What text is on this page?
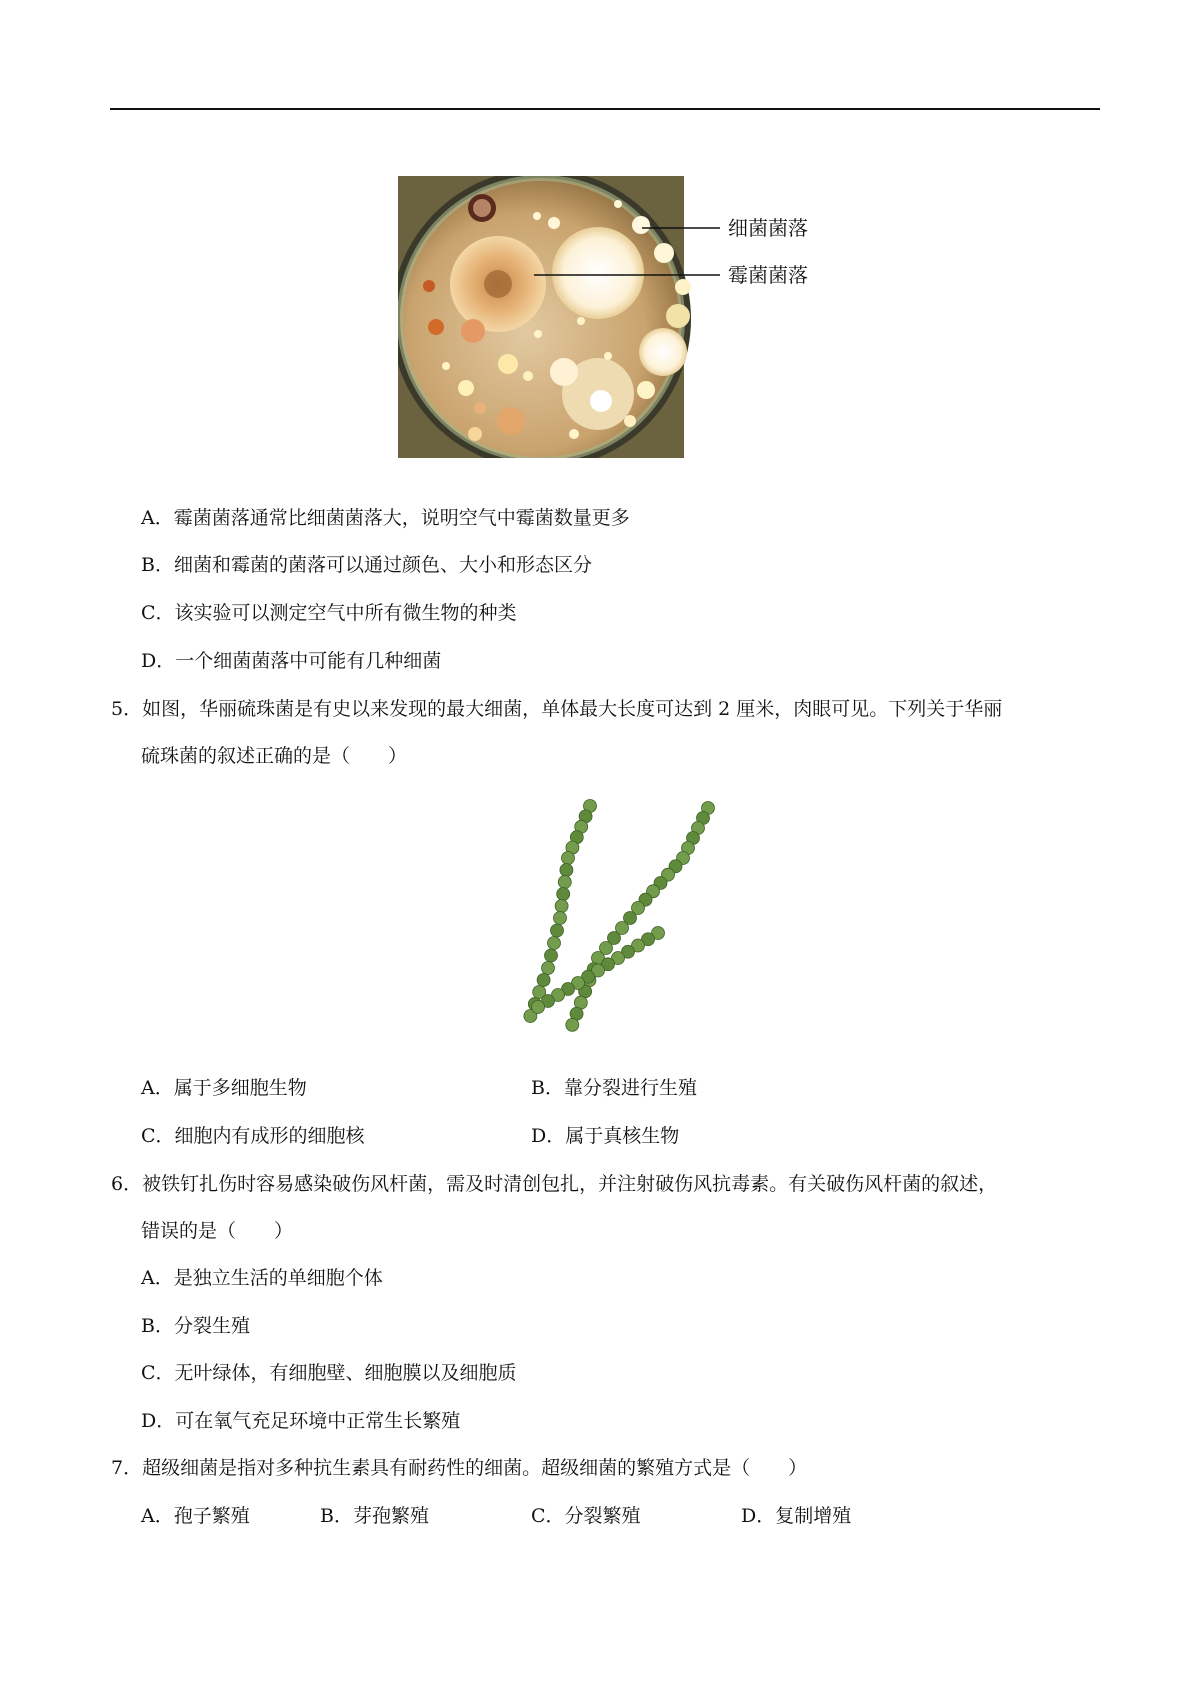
细菌菌落
霉菌菌落
A．霉菌菌落通常比细菌菌落大，说明空气中霉菌数量更多
B．细菌和霉菌的菌落可以通过颜色、大小和形态区分
C．该实验可以测定空气中所有微生物的种类
D．一个细菌菌落中可能有几种细菌
5．如图，华丽硫珠菌是有史以来发现的最大细菌，单体最大长度可达到 2 厘米，肉眼可见。下列关于华丽
硫珠菌的叙述正确的是（　　）
A．属于多细胞生物	B．靠分裂进行生殖
C．细胞内有成形的细胞核	D．属于真核生物
6．被铁钉扎伤时容易感染破伤风杆菌，需及时清创包扎，并注射破伤风抗毒素。有关破伤风杆菌的叙述，
错误的是（　　）
A．是独立生活的单细胞个体
B．分裂生殖
C．无叶绿体，有细胞壁、细胞膜以及细胞质
D．可在氧气充足环境中正常生长繁殖
7．超级细菌是指对多种抗生素具有耐药性的细菌。超级细菌的繁殖方式是（　　）
A．孢子繁殖	B．芽孢繁殖	C．分裂繁殖	D．复制增殖
